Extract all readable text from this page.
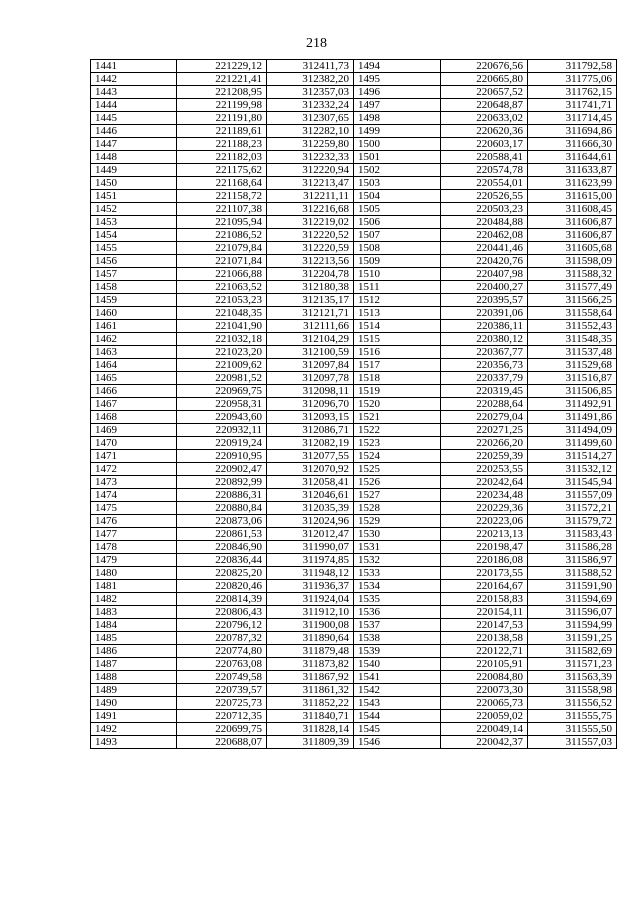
218
1441	221229,12	312411,73	1494	220676,56	311792,58
1442	221221,41	312382,20	1495	220665,80	311775,06
1443	221208,95	312357,03	1496	220657,52	311762,15
1444	221199,98	312332,24	1497	220648,87	311741,71
1445	221191,80	312307,65	1498	220633,02	311714,45
1446	221189,61	312282,10	1499	220620,36	311694,86
1447	221188,23	312259,80	1500	220603,17	311666,30
1448	221182,03	312232,33	1501	220588,41	311644,61
1449	221175,62	312220,94	1502	220574,78	311633,87
1450	221168,64	312213,47	1503	220554,01	311623,99
1451	221158,72	312211,11	1504	220526,55	311615,00
1452	221107,38	312216,68	1505	220503,23	311608,45
1453	221095,94	312219,02	1506	220484,88	311606,87
1454	221086,52	312220,52	1507	220462,08	311606,87
1455	221079,84	312220,59	1508	220441,46	311605,68
1456	221071,84	312213,56	1509	220420,76	311598,09
1457	221066,88	312204,78	1510	220407,98	311588,32
1458	221063,52	312180,38	1511	220400,27	311577,49
1459	221053,23	312135,17	1512	220395,57	311566,25
1460	221048,35	312121,71	1513	220391,06	311558,64
1461	221041,90	312111,66	1514	220386,11	311552,43
1462	221032,18	312104,29	1515	220380,12	311548,35
1463	221023,20	312100,59	1516	220367,77	311537,48
1464	221009,62	312097,84	1517	220356,73	311529,68
1465	220981,52	312097,78	1518	220337,79	311516,87
1466	220969,75	312098,11	1519	220319,45	311506,85
1467	220958,31	312096,70	1520	220288,64	311492,91
1468	220943,60	312093,15	1521	220279,04	311491,86
1469	220932,11	312086,71	1522	220271,25	311494,09
1470	220919,24	312082,19	1523	220266,20	311499,60
1471	220910,95	312077,55	1524	220259,39	311514,27
1472	220902,47	312070,92	1525	220253,55	311532,12
1473	220892,99	312058,41	1526	220242,64	311545,94
1474	220886,31	312046,61	1527	220234,48	311557,09
1475	220880,84	312035,39	1528	220229,36	311572,21
1476	220873,06	312024,96	1529	220223,06	311579,72
1477	220861,53	312012,47	1530	220213,13	311583,43
1478	220846,90	311990,07	1531	220198,47	311586,28
1479	220836,44	311974,85	1532	220186,08	311586,97
1480	220825,20	311948,12	1533	220173,55	311588,52
1481	220820,46	311936,37	1534	220164,67	311591,90
1482	220814,39	311924,04	1535	220158,83	311594,69
1483	220806,43	311912,10	1536	220154,11	311596,07
1484	220796,12	311900,08	1537	220147,53	311594,99
1485	220787,32	311890,64	1538	220138,58	311591,25
1486	220774,80	311879,48	1539	220122,71	311582,69
1487	220763,08	311873,82	1540	220105,91	311571,23
1488	220749,58	311867,92	1541	220084,80	311563,39
1489	220739,57	311861,32	1542	220073,30	311558,98
1490	220725,73	311852,22	1543	220065,73	311556,52
1491	220712,35	311840,71	1544	220059,02	311555,75
1492	220699,75	311828,14	1545	220049,14	311555,50
1493	220688,07	311809,39	1546	220042,37	311557,03
